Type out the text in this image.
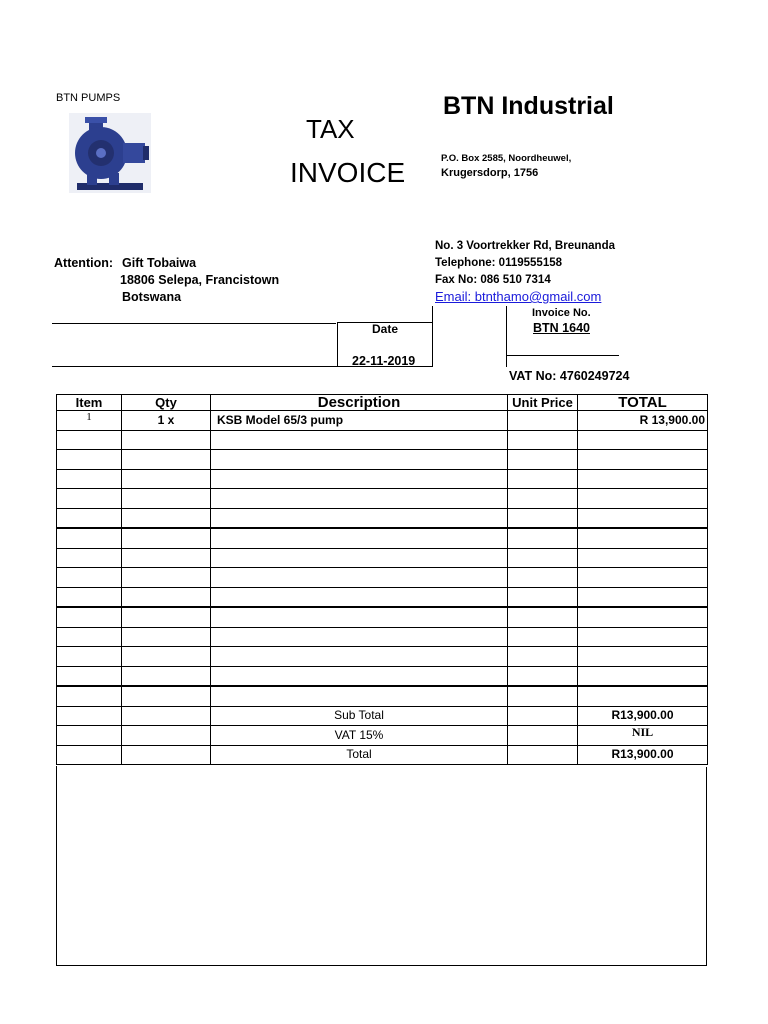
BTN PUMPS
TAX
INVOICE
BTN Industrial
P.O. Box 2585, Noordheuwel,
Krugersdorp, 1756
No. 3 Voortrekker Rd, Breunanda
Telephone: 0119555158
Fax No: 086 510 7314
Email: btnthamo@gmail.com
Attention: Gift Tobaiwa
18806 Selepa, Francistown
Botswana
Date
22-11-2019
Invoice No.
BTN 1640
VAT No: 4760249724
Item	Qty	Description	Unit Price	TOTAL
1	1 x	KSB Model 65/3 pump		R 13,900.00

		Sub Total		R13,900.00
		VAT 15%		NIL
		Total		R13,900.00
